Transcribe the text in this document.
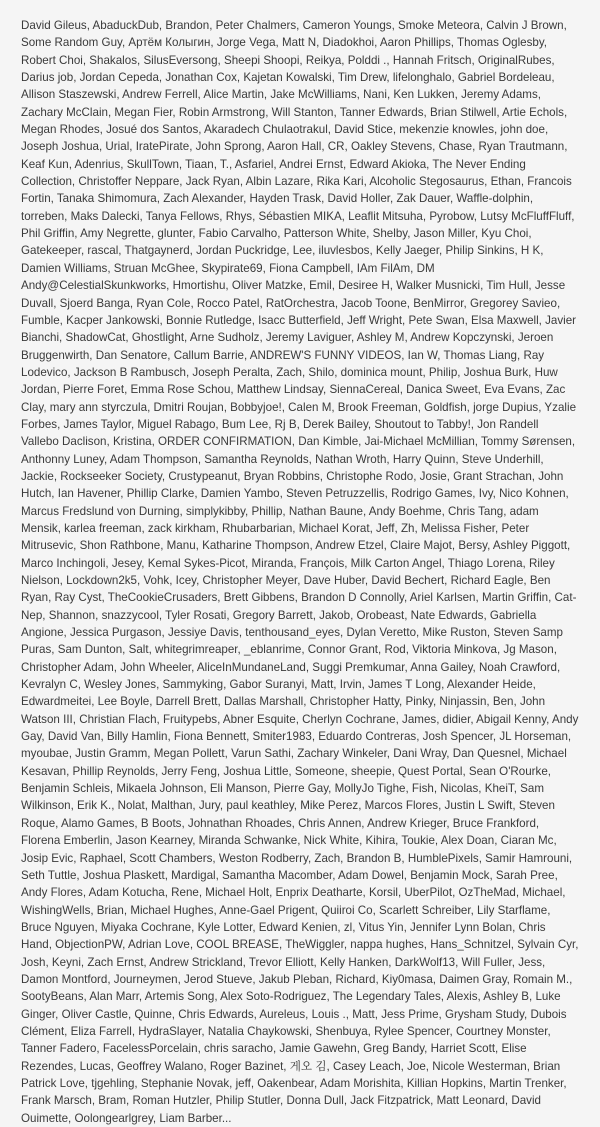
David Gileus, AbaduckDub, Brandon, Peter Chalmers, Cameron Youngs, Smoke Meteora, Calvin J Brown, Some Random Guy, Артём Колыгин, Jorge Vega, Matt N, Diadokhoi, Aaron Phillips, Thomas Oglesby, Robert Choi, Shakalos, SilusEversong, Sheepi Shoopi, Reikya, Polddi ., Hannah Fritsch, OriginalRubes, Darius job, Jordan Cepeda, Jonathan Cox, Kajetan Kowalski, Tim Drew, lifelonghalo, Gabriel Bordeleau, Allison Staszewski, Andrew Ferrell, Alice Martin, Jake McWilliams, Nani, Ken Lukken, Jeremy Adams, Zachary McClain, Megan Fier, Robin Armstrong, Will Stanton, Tanner Edwards, Brian Stilwell, Artie Echols, Megan Rhodes, Josué dos Santos, Akaradech Chulaotrakul, David Stice, mekenzie knowles, john doe, Joseph Joshua, Urial, IratePirate, John Sprong, Aaron Hall, CR, Oakley Stevens, Chase, Ryan Trautmann, Keaf Kun, Adenrius, SkullTown, Tiaan, T., Asfariel, Andrei Ernst, Edward Akioka, The Never Ending Collection, Christoffer Neppare, Jack Ryan, Albin Lazare, Rika Kari, Alcoholic Stegosaurus, Ethan, Francois Fortin, Tanaka Shimomura, Zach Alexander, Hayden Trask, David Holler, Zak Dauer, Waffle-dolphin, torreben, Maks Dalecki, Tanya Fellows, Rhys, Sébastien MIKA, Leaflit Mitsuha, Pyrobow, Lutsy McFluffFluff, Phil Griffin, Amy Negrette, glunter, Fabio Carvalho, Patterson White, Shelby, Jason Miller, Kyu Choi, Gatekeeper, rascal, Thatgaynerd, Jordan Puckridge, Lee, iluvlesbos, Kelly Jaeger, Philip Sinkins, H K, Damien Williams, Struan McGhee, Skypirate69, Fiona Campbell, IAm FilAm, DM Andy@CelestialSkunkworks, Hmortishu, Oliver Matzke, Emil, Desiree H, Walker Musnicki, Tim Hull, Jesse Duvall, Sjoerd Banga, Ryan Cole, Rocco Patel, RatOrchestra, Jacob Toone, BenMirror, Gregorey Savieo, Fumble, Kacper Jankowski, Bonnie Rutledge, Isacc Butterfield, Jeff Wright, Pete Swan, Elsa Maxwell, Javier Bianchi, ShadowCat, Ghostlight, Arne Sudholz, Jeremy Laviguer, Ashley M, Andrew Kopczynski, Jeroen Bruggenwirth, Dan Senatore, Callum Barrie, ANDREW'S FUNNY VIDEOS, Ian W, Thomas Liang, Ray Lodevico, Jackson B Rambusch, Joseph Peralta, Zach, Shilo, dominica mount, Philip, Joshua Burk, Huw Jordan, Pierre Foret, Emma Rose Schou, Matthew Lindsay, SiennaCereal, Danica Sweet, Eva Evans, Zac Clay, mary ann styrczula, Dmitri Roujan, Bobbyjoe!, Calen M, Brook Freeman, Goldfish, jorge Dupius, Yzalie Forbes, James Taylor, Miguel Rabago, Bum Lee, Rj B, Derek Bailey, Shoutout to Tabby!, Jon Randell Vallebo Daclison, Kristina, ORDER CONFIRMATION, Dan Kimble, Jai-Michael McMillian, Tommy Sørensen, Anthonny Luney, Adam Thompson, Samantha Reynolds, Nathan Wroth, Harry Quinn, Steve Underhill, Jackie, Rockseeker Society, Crustypeanut, Bryan Robbins, Christophe Rodo, Josie, Grant Strachan, John Hutch, Ian Havener, Phillip Clarke, Damien Yambo, Steven Petruzzellis, Rodrigo Games, Ivy, Nico Kohnen, Marcus Fredslund von Durning, simplykibby, Phillip, Nathan Baune, Andy Boehme, Chris Tang, adam Mensik, karlea freeman, zack kirkham, Rhubarbarian, Michael Korat, Jeff, Zh, Melissa Fisher, Peter Mitrusevic, Shon Rathbone, Manu, Katharine Thompson, Andrew Etzel, Claire Majot, Bersy, Ashley Piggott, Marco Inchingoli, Jesey, Kemal Sykes-Picot, Miranda, François, Milk Carton Angel, Thiago Lorena, Riley Nielson, Lockdown2k5, Vohk, Icey, Christopher Meyer, Dave Huber, David Bechert, Richard Eagle, Ben Ryan, Ray Cyst, TheCookieCrusaders, Brett Gibbens, Brandon D Connolly, Ariel Karlsen, Martin Griffin, Cat-Nep, Shannon, snazzycool, Tyler Rosati, Gregory Barrett, Jakob, Orobeast, Nate Edwards, Gabriella Angione, Jessica Purgason, Jessiye Davis, tenthousand_eyes, Dylan Veretto, Mike Ruston, Steven Samp Puras, Sam Dunton, Salt, whitegrimreaper, _eblanrime, Connor Grant, Rod, Viktoria Minkova, Jg Mason, Christopher Adam, John Wheeler, AliceInMundaneLand, Suggi Premkumar, Anna Gailey, Noah Crawford, Kevralyn C, Wesley Jones, Sammyking, Gabor Suranyi, Matt, Irvin, James T Long, Alexander Heide, Edwardmeitei, Lee Boyle, Darrell Brett, Dallas Marshall, Christopher Hatty, Pinky, Ninjassin, Ben, John Watson III, Christian Flach, Fruitypebs, Abner Esquite, Cherlyn Cochrane, James, didier, Abigail Kenny, Andy Gay, David Van, Billy Hamlin, Fiona Bennett, Smiter1983, Eduardo Contreras, Josh Spencer, JL Horseman, myoubae, Justin Gramm, Megan Pollett, Varun Sathi, Zachary Winkeler, Dani Wray, Dan Quesnel, Michael Kesavan, Phillip Reynolds, Jerry Feng, Joshua Little, Someone, sheepie, Quest Portal, Sean O'Rourke, Benjamin Schleis, Mikaela Johnson, Eli Manson, Pierre Gay, MollyJo Tighe, Fish, Nicolas, KheiT, Sam Wilkinson, Erik K., Nolat, Malthan, Jury, paul keathley, Mike Perez, Marcos Flores, Justin L Swift, Steven Roque, Alamo Games, B Boots, Johnathan Rhoades, Chris Annen, Andrew Krieger, Bruce Frankford, Florena Emberlin, Jason Kearney, Miranda Schwanke, Nick White, Kihira, Toukie, Alex Doan, Ciaran Mc, Josip Evic, Raphael, Scott Chambers, Weston Rodberry, Zach, Brandon B, HumblePixels, Samir Hamrouni, Seth Tuttle, Joshua Plaskett, Mardigal, Samantha Macomber, Adam Dowel, Benjamin Mock, Sarah Pree, Andy Flores, Adam Kotucha, Rene, Michael Holt, Enprix Deatharte, Korsil, UberPilot, OzTheMad, Michael, WishingWells, Brian, Michael Hughes, Anne-Gael Prigent, Quiiroi Co, Scarlett Schreiber, Lily Starflame, Bruce Nguyen, Miyaka Cochrane, Kyle Lotter, Edward Kenien, zl, Vitus Yin, Jennifer Lynn Bolan, Chris Hand, ObjectionPW, Adrian Love, COOL BREASE, TheWiggler, nappa hughes, Hans_Schnitzel, Sylvain Cyr, Josh, Keyni, Zach Ernst, Andrew Strickland, Trevor Elliott, Kelly Hanken, DarkWolf13, Will Fuller, Jess, Damon Montford, Journeymen, Jerod Stueve, Jakub Pleban, Richard, Kiy0masa, Daimen Gray, Romain M., SootyBeans, Alan Marr, Artemis Song, Alex Soto-Rodriguez, The Legendary Tales, Alexis, Ashley B, Luke Ginger, Oliver Castle, Quinne, Chris Edwards, Aureleus, Louis ., Matt, Jess Prime, Grysham Study, Dubois Clément, Eliza Farrell, HydraSlayer, Natalia Chaykowski, Shenbuya, Rylee Spencer, Courtney Monster, Tanner Fadero, FacelessPorcelain, chris saracho, Jamie Gawehn, Greg Bandy, Harriet Scott, Elise Rezendes, Lucas, Geoffrey Walano, Roger Bazinet, 게오 김, Casey Leach, Joe, Nicole Westerman, Brian Patrick Love, tjgehling, Stephanie Novak, jeff, Oakenbear, Adam Morishita, Killian Hopkins, Martin Trenker, Frank Marsch, Bram, Roman Hutzler, Philip Stutler, Donna Dull, Jack Fitzpatrick, Matt Leonard, David Ouimette, Oolongearlgrey, Liam Barber...
